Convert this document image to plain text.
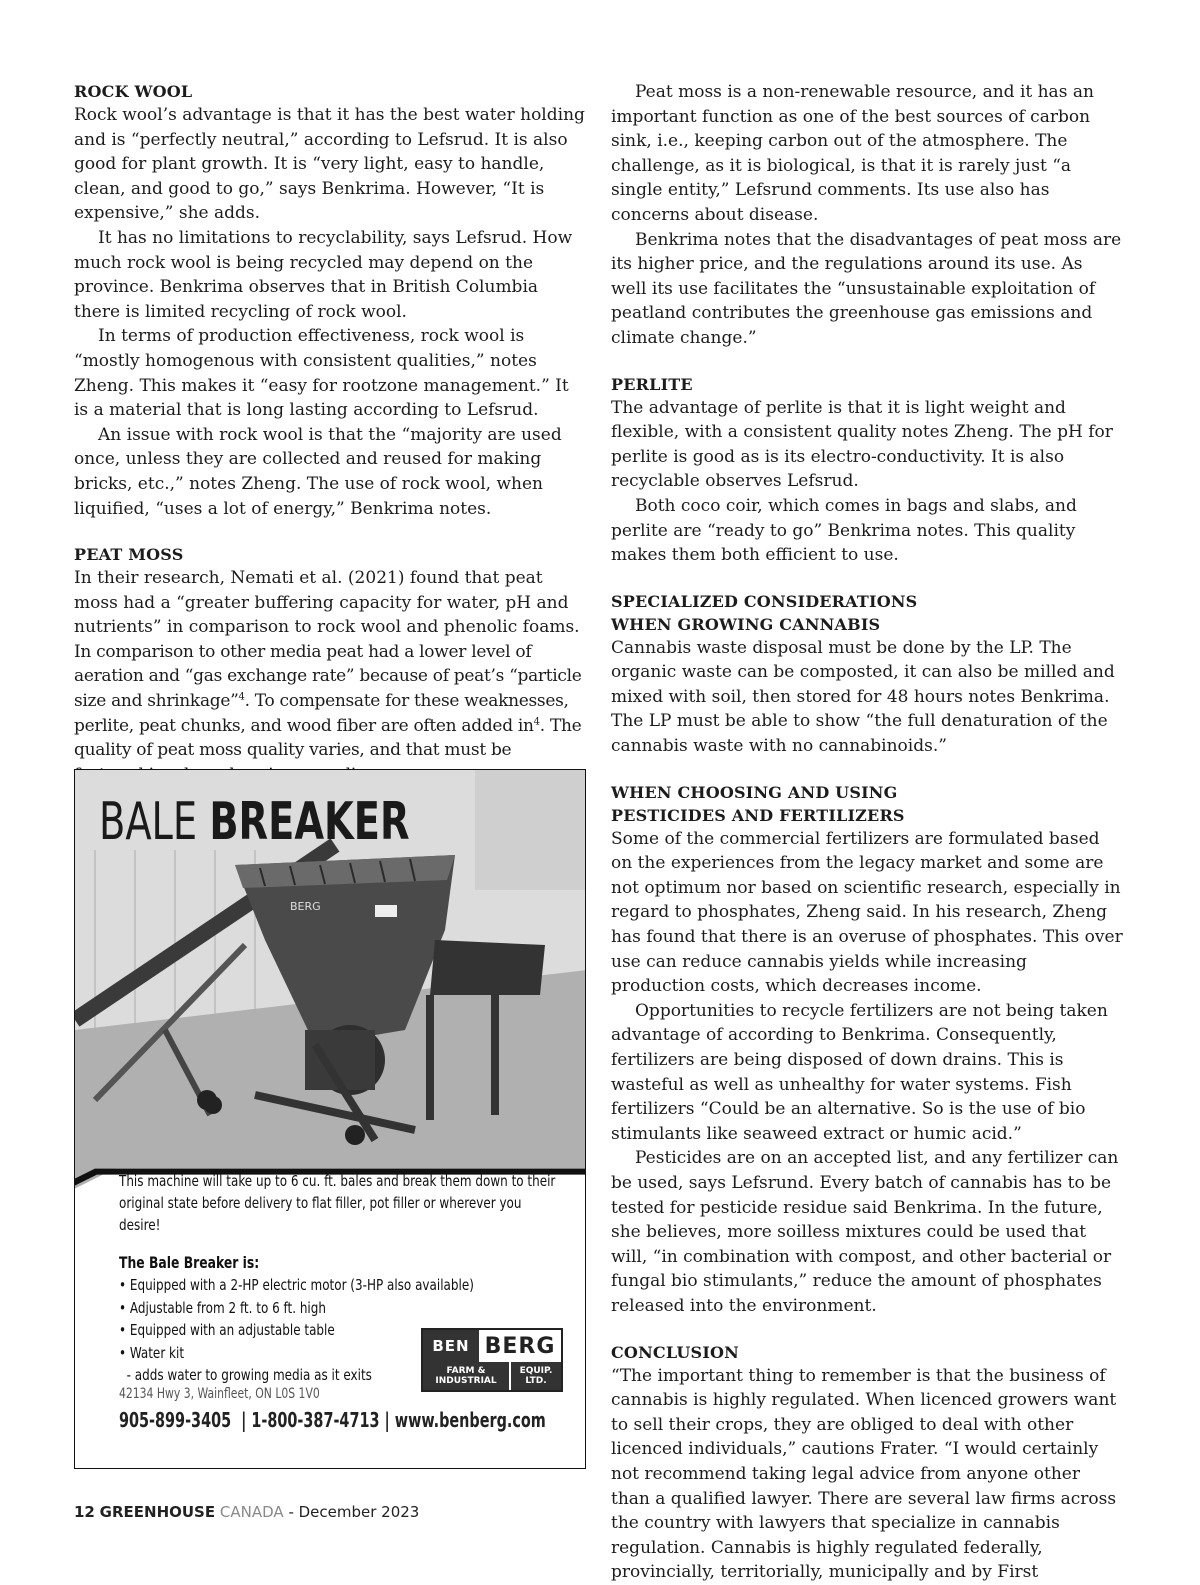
ROCK WOOL

Rock wool’s advantage is that it has the best water holding and is “perfectly neutral,” according to Lefsrud. It is also good for plant growth. It is “very light, easy to handle, clean, and good to go,” says Benkrima. However, “It is expensive,” she adds.

It has no limitations to recyclability, says Lefsrud. How much rock wool is being recycled may depend on the province. Benkrima observes that in British Columbia there is limited recycling of rock wool.

In terms of production effectiveness, rock wool is “mostly homogenous with consistent qualities,” notes Zheng. This makes it “easy for rootzone management.” It is a material that is long lasting according to Lefsrud.

An issue with rock wool is that the “majority are used once, unless they are collected and reused for making bricks, etc.,” notes Zheng. The use of rock wool, when liquified, “uses a lot of energy,” Benkrima notes.

PEAT MOSS

In their research, Nemati et al. (2021) found that peat moss had a “greater buffering capacity for water, pH and nutrients” in comparison to rock wool and phenolic foams.

In comparison to other media peat had a lower level of aeration and “gas exchange rate” because of peat’s “particle size and shrinkage”$^4$. To compensate for these weaknesses, perlite, peat chunks, and wood fiber are often added $in^4$. The quality of peat moss quality varies, and that must be

BERG
BALE BREAKER
This machine will take up to 6 cu. ft. bales and break them down to their original state before delivery to flat filler, pot filler or wherever you desire!
The Bale Breaker is:
• Equipped with a 2-HP electric motor (3-HP also available)
• Adjustable from 2 ft. to 6 ft. high
• Equipped with an adjustable table
• Water kit
- adds water to growing media as it exits
BEN BERG
FARM & INDUSTRIAL
EQUIP. LTD.
42134 Hwy 3, Wainfleet, ON L0S 1V0
905-899-3405  | 1-800-387-4713 | www.benberg.com

Peat moss is a non-renewable resource, and it has an important function as one of the best sources of carbon sink, i.e., keeping carbon out of the atmosphere. The challenge, as it is biological, is that it is rarely just “a single entity,” Lefsrund comments. Its use also has concerns about disease.

Benkrima notes that the disadvantages of peat moss are its higher price, and the regulations around its use. As well its use facilitates the “unsustainable exploitation of peatland contributes the greenhouse gas emissions and climate change.”

PERLITE

The advantage of perlite is that it is light weight and flexible, with a consistent quality notes Zheng. The pH for perlite is good as is its electro-conductivity. It is also recyclable observes Lefsrud.

Both coco coir, which comes in bags and slabs, and perlite are “ready to go” Benkrima notes. This quality makes them both efficient to use.

SPECIALIZED CONSIDERATIONS
WHEN GROWING CANNABIS

Cannabis waste disposal must be done by the LP. The organic waste can be composted, it can also be milled and mixed with soil, then stored for 48 hours notes Benkrima. The LP must be able to show “the full denaturation of the cannabis waste with no cannabinoids.”

WHEN CHOOSING AND USING
PESTICIDES AND FERTILIZERS

Some of the commercial fertilizers are formulated based on the experiences from the legacy market and some are not optimum nor based on scientific research, especially in regard to phosphates, Zheng said. In his research, Zheng has found that there is an overuse of phosphates. This over use can reduce cannabis yields while increasing production costs, which decreases income.

Opportunities to recycle fertilizers are not being taken advantage of according to Benkrima. Consequently, fertilizers are being disposed of down drains. This is wasteful as well as unhealthy for water systems. Fish fertilizers “Could be an alternative. So is the use of bio stimulants like seaweed extract or humic acid.”

Pesticides are on an accepted list, and any fertilizer can be used, says Lefsrund. Every batch of cannabis has to be tested for pesticide residue said Benkrima. In the future, she believes, more soilless mixtures could be used that will, “in combination with compost, and other bacterial or fungal bio stimulants,” reduce the amount of phosphates released into the environment.

CONCLUSION

“The important thing to remember is that the business of cannabis is highly regulated. When licenced growers want to sell their crops, they are obliged to deal with other licenced individuals,” cautions Frater. “I would certainly not recommend taking legal advice from anyone other than a qualified lawyer. There are several law firms across the country with lawyers that specialize in cannabis regulation. Cannabis is highly regulated federally, provincially, territorially, municipally and by First

12 GREENHOUSE CANADA - December 2023
